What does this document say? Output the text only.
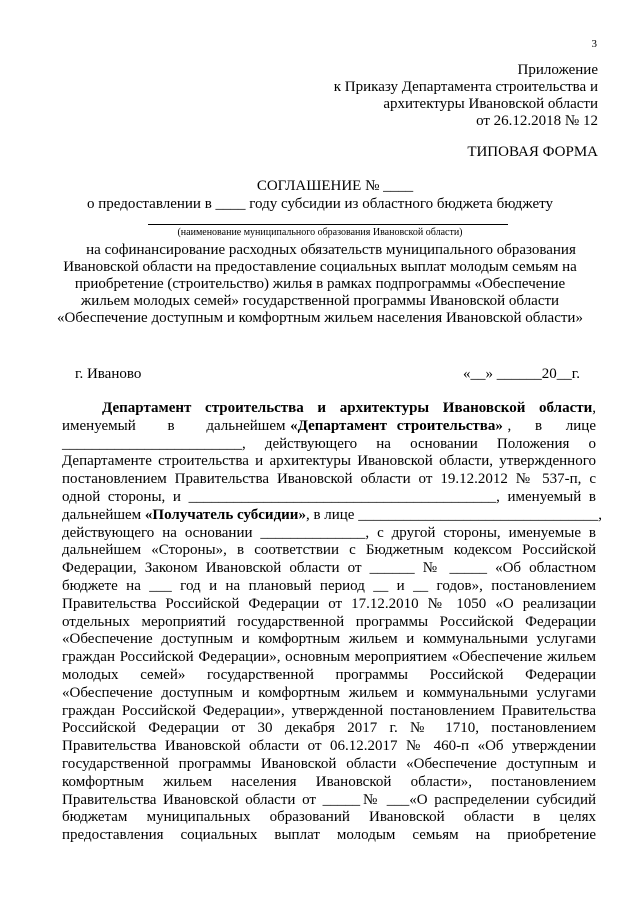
3
Приложение
к Приказу Департамента строительства и
архитектуры Ивановской области
от 26.12.2018 № 12
ТИПОВАЯ ФОРМА
СОГЛАШЕНИЕ № ____
о предоставлении в ____ году субсидии из областного бюджета бюджету
(наименование муниципального образования Ивановской области)
на софинансирование расходных обязательств муниципального образования
Ивановской области на предоставление социальных выплат молодым семьям на
приобретение (строительство) жилья в рамках подпрограммы «Обеспечение
жильем молодых семей» государственной программы Ивановской области
«Обеспечение доступным и комфортным жильем населения Ивановской области»
г. Иваново	«__» ______20__г.
Департамент строительства и архитектуры Ивановской области,
именуемый в дальнейшем «Департамент строительства» , в лице
________________________, действующего на основании Положения о
Департаменте строительства и архитектуры Ивановской области, утвержденного
постановлением Правительства Ивановской области от 19.12.2012 № 537-п, с
одной стороны, и _________________________________________, именуемый в
дальнейшем «Получатель субсидии», в лице ________________________________,
действующего на основании ______________, с другой стороны, именуемые в
дальнейшем «Стороны», в соответствии с Бюджетным кодексом Российской
Федерации, Законом Ивановской области от ______ № _____ «Об областном
бюджете на ___ год и на плановый период __ и __ годов», постановлением
Правительства Российской Федерации от 17.12.2010 № 1050 «О реализации
отдельных мероприятий государственной программы Российской Федерации
«Обеспечение доступным и комфортным жильем и коммунальными услугами
граждан Российской Федерации», основным мероприятием «Обеспечение жильем
молодых семей» государственной программы Российской Федерации
«Обеспечение доступным и комфортным жильем и коммунальными услугами
граждан Российской Федерации», утвержденной постановлением Правительства
Российской Федерации от 30 декабря 2017 г. № 1710, постановлением
Правительства Ивановской области от 06.12.2017 № 460-п «Об утверждении
государственной программы Ивановской области «Обеспечение доступным и
комфортным жильем населения Ивановской области», постановлением
Правительства Ивановской области от _____№ ___«О распределении субсидий
бюджетам муниципальных образований Ивановской области в целях
предоставления социальных выплат молодым семьям на приобретение
